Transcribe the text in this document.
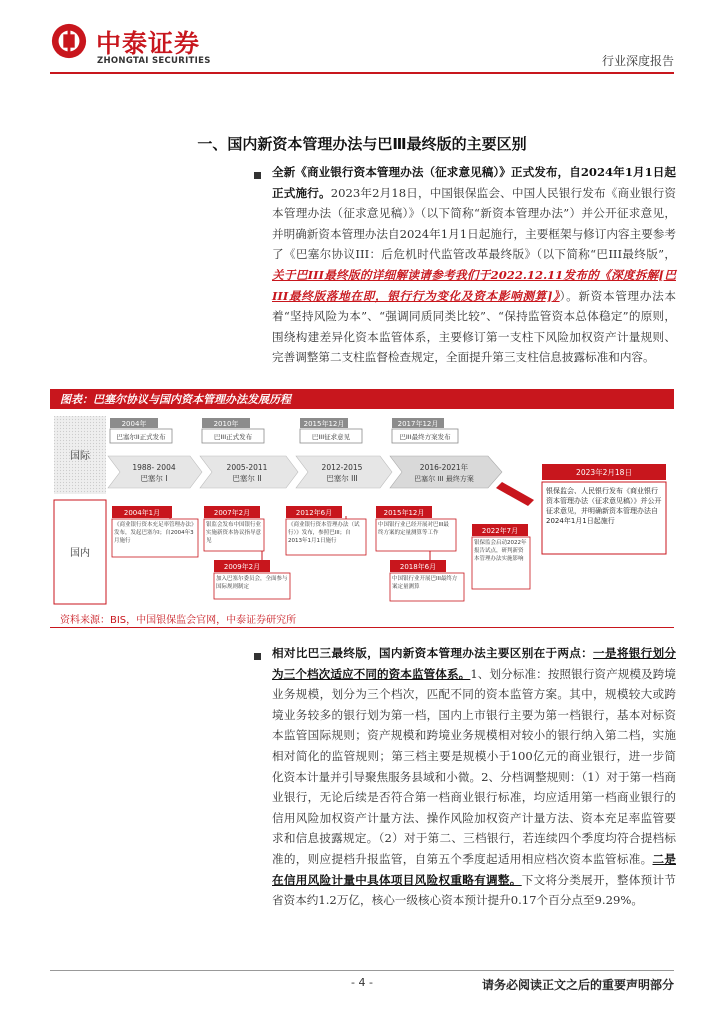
中泰证券
ZHONGTAI SECURITIES	行业深度报告
一、国内新资本管理办法与巴Ⅲ最终版的主要区别
全新《商业银行资本管理办法（征求意见稿）》正式发布，自2024年1月1日起正式施行。2023年2月18日，中国银保监会、中国人民银行发布《商业银行资本管理办法（征求意见稿）》（以下简称“新资本管理办法”）并公开征求意见，并明确新资本管理办法自2024年1月1日起施行，主要框架与修订内容主要参考了《巴塞尔协议III：后危机时代监管改革最终版》（以下简称“巴III最终版”，关于巴III最终版的详细解读请参考我们于2022.12.11发布的《深度拆解[巴III最终版落地在即，银行行为变化及资本影响测算]》）。新资本管理办法本着“坚持风险为本”、“强调同质同类比较”、“保持监管资本总体稳定”的原则，围绕构建差异化资本监管体系，主要修订第一支柱下风险加权资产计量规则、完善调整第二支柱监督检查规定，全面提升第三支柱信息披露标准和内容。
图表：巴塞尔协议与国内资本管理办法发展历程
国际
国内
2004年
巴塞尔II正式发布
2010年
巴III正式发布
2015年12月
巴III征求意见
2017年12月
巴III最终方案发布
1988- 2004
巴塞尔 I
2005-2011
巴塞尔 II
2012-2015
巴塞尔 III
2016-2021年
巴塞尔 III 最终方案
2023年2月18日
银保监会、人民银行发布《商业银行资本管理办法（征求意见稿）》并公开征求意见，并明确新资本管理办法自2024年1月1日起施行
2004年1月
《商业银行资本充足率管理办法》发布，发起巴塞尔I；自2004年3月施行
2007年2月
银监会发布中国银行业实施新资本协议指导意见
2009年2月
加入巴塞尔委员会，全面参与国际规则制定
2012年6月
《商业银行资本管理办法（试行）》发布，参照巴III；自2013年1月1日施行
2015年12月
中国银行业已经开展对巴III最终方案的定量测算等工作
2018年6月
中国银行业开展巴III最终方案定量测算
2022年7月
银保监会启动2022年报告试点，研判新资本管理办法实施影响
资料来源：BIS，中国银保监会官网，中泰证券研究所
相对比巴三最终版，国内新资本管理办法主要区别在于两点：一是将银行划分为三个档次适应不同的资本监管体系。1、划分标准：按照银行资产规模及跨境业务规模，划分为三个档次，匹配不同的资本监管方案。其中，规模较大或跨境业务较多的银行划为第一档，国内上市银行主要为第一档银行，基本对标资本监管国际规则；资产规模和跨境业务规模相对较小的银行纳入第二档，实施相对简化的监管规则；第三档主要是规模小于100亿元的商业银行，进一步简化资本计量并引导聚焦服务县域和小微。2、分档调整规则：（1）对于第一档商业银行，无论后续是否符合第一档商业银行标准，均应适用第一档商业银行的信用风险加权资产计量方法、操作风险加权资产计量方法、资本充足率监管要求和信息披露规定。（2）对于第二、三档银行，若连续四个季度均符合提档标准的，则应提档升报监管，自第五个季度起适用相应档次资本监管标准。二是在信用风险计量中具体项目风险权重略有调整。下文将分类展开，整体预计节省资本约1.2万亿，核心一级核心资本预计提升0.17个百分点至9.29%。
- 4 -	请务必阅读正文之后的重要声明部分
